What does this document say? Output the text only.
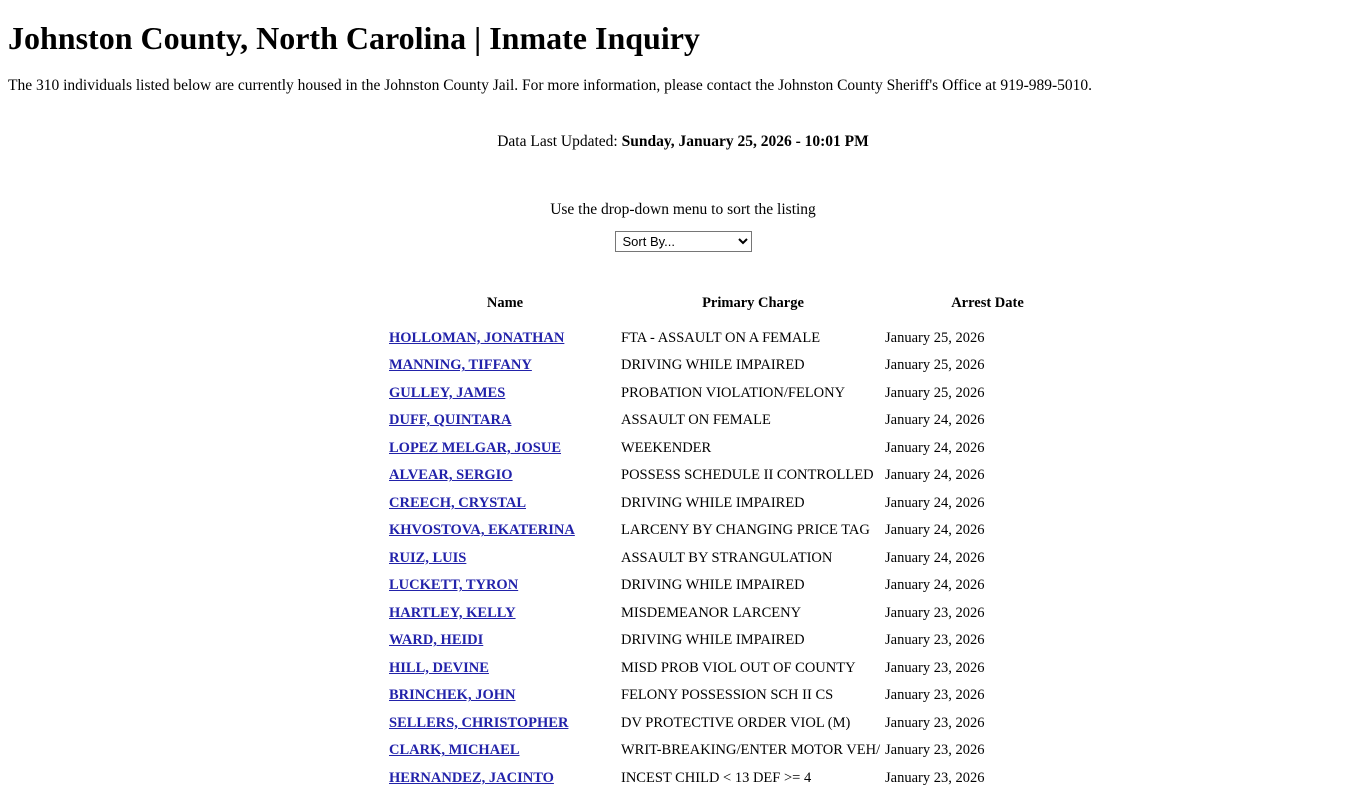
Johnston County, North Carolina | Inmate Inquiry

The 310 individuals listed below are currently housed in the Johnston County Jail. For more information, please contact the Johnston County Sheriff's Office at 919-989-5010.

Data Last Updated: Sunday, January 25, 2026 - 10:01 PM

Use the drop-down menu to sort the listing

Sort By...
	Name	Primary Charge	Arrest Date	
	HOLLOMAN, JONATHAN	FTA - ASSAULT ON A FEMALE	January 25, 2026	
	MANNING, TIFFANY	DRIVING WHILE IMPAIRED	January 25, 2026	
	GULLEY, JAMES	PROBATION VIOLATION/FELONY	January 25, 2026	
	DUFF, QUINTARA	ASSAULT ON FEMALE	January 24, 2026	
	LOPEZ MELGAR, JOSUE	WEEKENDER	January 24, 2026	
	ALVEAR, SERGIO	POSSESS SCHEDULE II CONTROLLED	January 24, 2026	
	CREECH, CRYSTAL	DRIVING WHILE IMPAIRED	January 24, 2026	
	KHVOSTOVA, EKATERINA	LARCENY BY CHANGING PRICE TAG	January 24, 2026	
	RUIZ, LUIS	ASSAULT BY STRANGULATION	January 24, 2026	
	LUCKETT, TYRON	DRIVING WHILE IMPAIRED	January 24, 2026	
	HARTLEY, KELLY	MISDEMEANOR LARCENY	January 23, 2026	
	WARD, HEIDI	DRIVING WHILE IMPAIRED	January 23, 2026	
	HILL, DEVINE	MISD PROB VIOL OUT OF COUNTY	January 23, 2026	
	BRINCHEK, JOHN	FELONY POSSESSION SCH II CS	January 23, 2026	
	SELLERS, CHRISTOPHER	DV PROTECTIVE ORDER VIOL (M)	January 23, 2026	
	CLARK, MICHAEL	WRIT-BREAKING/ENTER MOTOR VEH/	January 23, 2026	
	HERNANDEZ, JACINTO	INCEST CHILD < 13 DEF >= 4	January 23, 2026	
